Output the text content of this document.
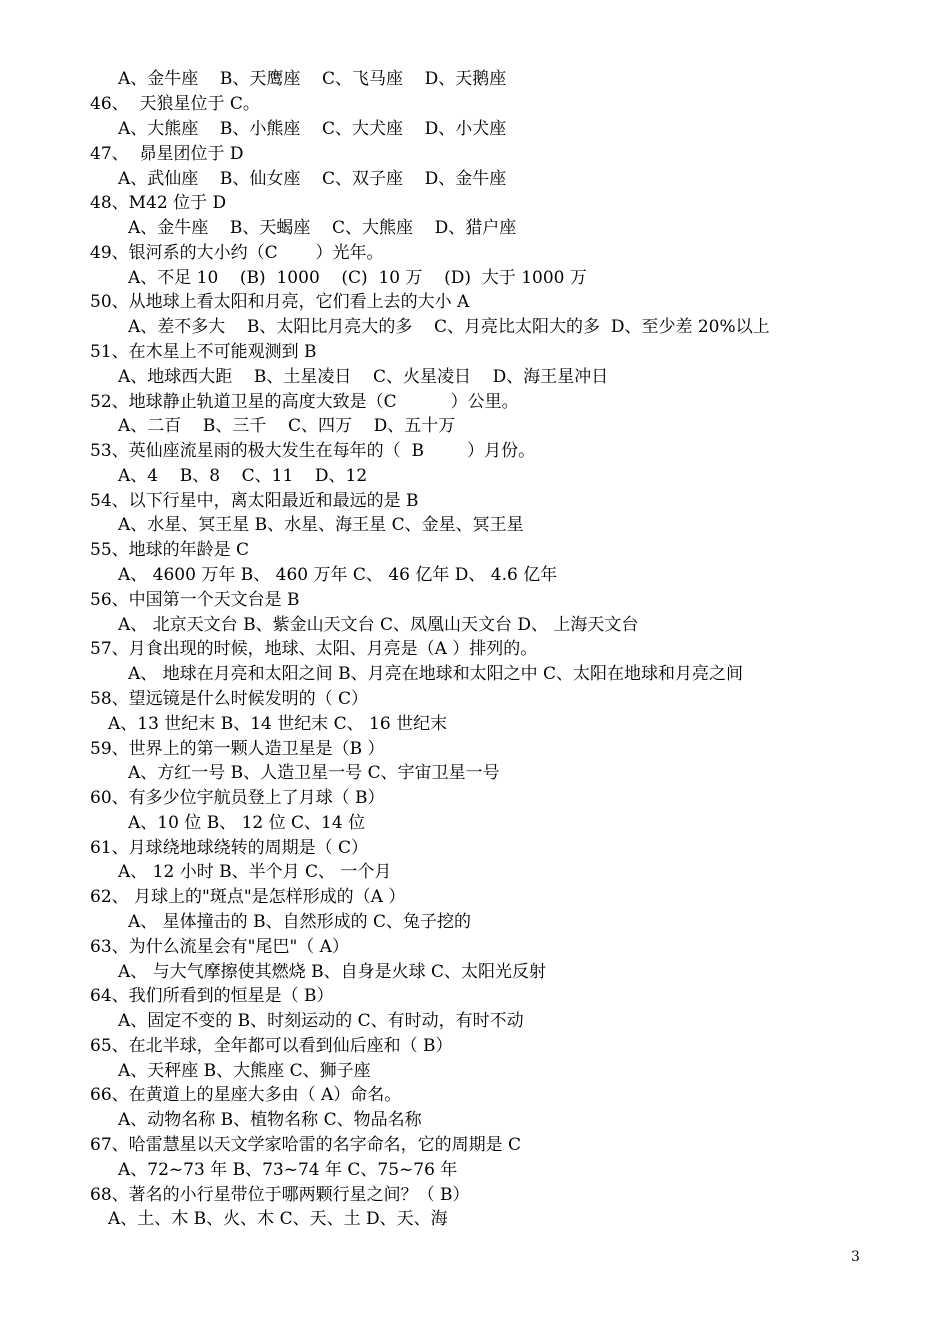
A、金牛座    B、天鹰座    C、飞马座    D、天鹅座
46、  天狼星位于 C。
A、大熊座    B、小熊座    C、大犬座    D、小犬座
47、  昴星团位于 D
A、武仙座    B、仙女座    C、双子座    D、金牛座
48、M42 位于 D
A、金牛座    B、天蝎座    C、大熊座    D、猎户座
49、银河系的大小约（C       ）光年。
A、不足 10    (B)  1000    (C)  10 万    (D)  大于 1000 万
50、从地球上看太阳和月亮，它们看上去的大小 A
A、差不多大    B、太阳比月亮大的多    C、月亮比太阳大的多  D、至少差 20%以上
51、在木星上不可能观测到 B
A、地球西大距    B、土星凌日    C、火星凌日    D、海王星冲日
52、地球静止轨道卫星的高度大致是（C          ）公里。
A、二百    B、三千    C、四万    D、五十万
53、英仙座流星雨的极大发生在每年的（  B        ）月份。
A、4    B、8    C、11    D、12
54、以下行星中，离太阳最近和最远的是 B
A、水星、冥王星 B、水星、海王星 C、金星、冥王星
55、地球的年龄是 C
A、 4600 万年 B、 460 万年 C、 46 亿年 D、 4.6 亿年
56、中国第一个天文台是 B
A、 北京天文台 B、紫金山天文台 C、凤凰山天文台 D、 上海天文台
57、月食出现的时候，地球、太阳、月亮是（A ）排列的。
A、 地球在月亮和太阳之间 B、月亮在地球和太阳之中 C、太阳在地球和月亮之间
58、望远镜是什么时候发明的（ C）
A、13 世纪末 B、14 世纪末 C、 16 世纪末
59、世界上的第一颗人造卫星是（B ）
A、方红一号 B、人造卫星一号 C、宇宙卫星一号
60、有多少位宇航员登上了月球（ B）
A、10 位 B、 12 位 C、14 位
61、月球绕地球绕转的周期是（ C）
A、 12 小时 B、半个月 C、 一个月
62、 月球上的"斑点"是怎样形成的（A ）
A、 星体撞击的 B、自然形成的 C、兔子挖的
63、为什么流星会有"尾巴"（ A）
A、 与大气摩擦使其燃烧 B、自身是火球 C、太阳光反射
64、我们所看到的恒星是（ B）
A、固定不变的 B、时刻运动的 C、有时动，有时不动
65、在北半球，全年都可以看到仙后座和（ B）
A、天秤座 B、大熊座 C、狮子座
66、在黄道上的星座大多由（ A）命名。
A、动物名称 B、植物名称 C、物品名称
67、哈雷慧星以天文学家哈雷的名字命名，它的周期是 C
A、72~73 年 B、73~74 年 C、75~76 年
68、著名的小行星带位于哪两颗行星之间？（ B）
A、土、木 B、火、木 C、天、土 D、天、海
3
